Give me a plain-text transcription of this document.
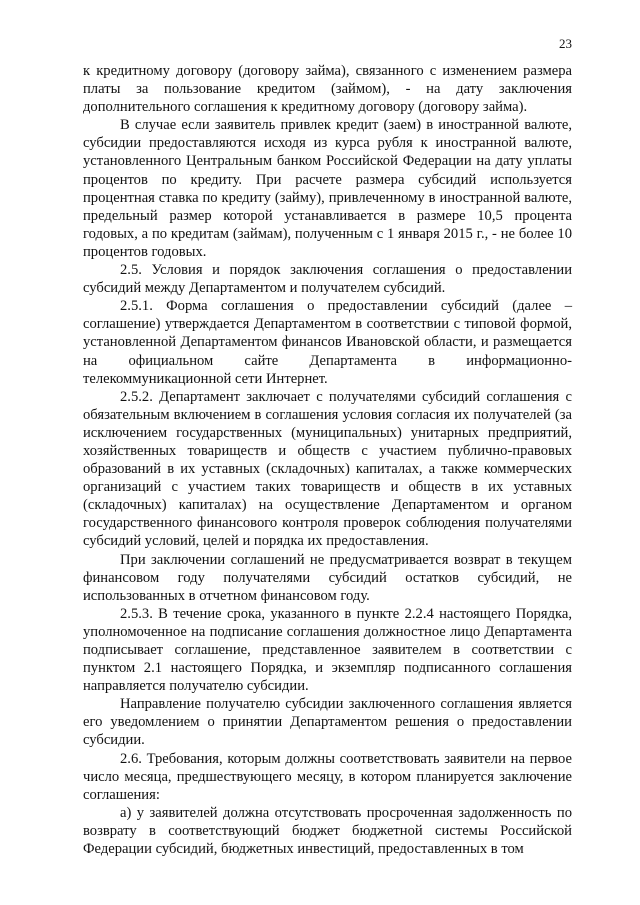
23

к кредитному договору (договору займа), связанного с изменением размера платы за пользование кредитом (займом), - на дату заключения дополнительного соглашения к кредитному договору (договору займа).

В случае если заявитель привлек кредит (заем) в иностранной валюте, субсидии предоставляются исходя из курса рубля к иностранной валюте, установленного Центральным банком Российской Федерации на дату уплаты процентов по кредиту. При расчете размера субсидий используется процентная ставка по кредиту (займу), привлеченному в иностранной валюте, предельный размер которой устанавливается в размере 10,5 процента годовых, а по кредитам (займам), полученным с 1 января 2015 г., - не более 10 процентов годовых.

2.5. Условия и порядок заключения соглашения о предоставлении субсидий между Департаментом и получателем субсидий.

2.5.1. Форма соглашения о предоставлении субсидий (далее – соглашение) утверждается Департаментом в соответствии с типовой формой, установленной Департаментом финансов Ивановской области, и размещается на официальном сайте Департамента в информационно-телекоммуникационной сети Интернет.

2.5.2. Департамент заключает с получателями субсидий соглашения с обязательным включением в соглашения условия согласия их получателей (за исключением государственных (муниципальных) унитарных предприятий, хозяйственных товариществ и обществ с участием публично-правовых образований в их уставных (складочных) капиталах, а также коммерческих организаций с участием таких товариществ и обществ в их уставных (складочных) капиталах) на осуществление Департаментом и органом государственного финансового контроля проверок соблюдения получателями субсидий условий, целей и порядка их предоставления.

При заключении соглашений не предусматривается возврат в текущем финансовом году получателями субсидий остатков субсидий, не использованных в отчетном финансовом году.

2.5.3. В течение срока, указанного в пункте 2.2.4 настоящего Порядка, уполномоченное на подписание соглашения должностное лицо Департамента подписывает соглашение, представленное заявителем в соответствии с пунктом 2.1 настоящего Порядка, и экземпляр подписанного соглашения направляется получателю субсидии.

Направление получателю субсидии заключенного соглашения является его уведомлением о принятии Департаментом решения о предоставлении субсидии.

2.6. Требования, которым должны соответствовать заявители на первое число месяца, предшествующего месяцу, в котором планируется заключение соглашения:

а) у заявителей должна отсутствовать просроченная задолженность по возврату в соответствующий бюджет бюджетной системы Российской Федерации субсидий, бюджетных инвестиций, предоставленных в том
